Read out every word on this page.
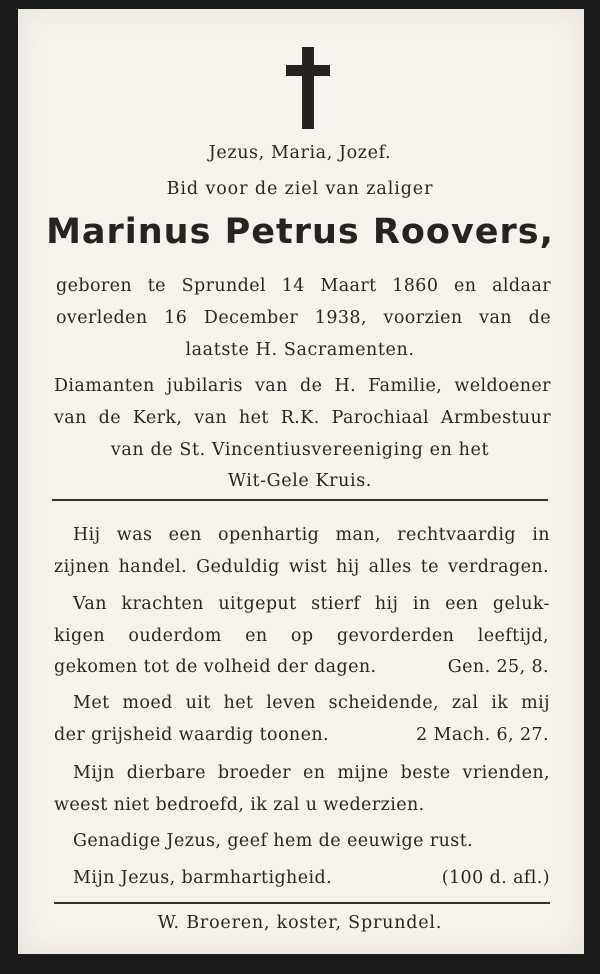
Jezus, Maria, Jozef.
Bid voor de ziel van zaliger
Marinus Petrus Roovers,
geboren te Sprundel 14 Maart 1860 en aldaar
overleden 16 December 1938, voorzien van de
laatste H. Sacramenten.
Diamanten jubilaris van de H. Familie, weldoener
van de Kerk, van het R.K. Parochiaal Armbestuur
van de St. Vincentiusvereeniging en het
Wit-Gele Kruis.
Hij was een openhartig man, rechtvaardig in
zijnen handel. Geduldig wist hij alles te verdragen.
Van krachten uitgeput stierf hij in een geluk-
kigen ouderdom en op gevorderden leeftijd,
gekomen tot de volheid der dagen.	Gen. 25, 8.
Met moed uit het leven scheidende, zal ik mij
der grijsheid waardig toonen.	2 Mach. 6, 27.
Mijn dierbare broeder en mijne beste vrienden,
weest niet bedroefd, ik zal u wederzien.
Genadige Jezus, geef hem de eeuwige rust.
Mijn Jezus, barmhartigheid.	(100 d. afl.)
W. Broeren, koster, Sprundel.
